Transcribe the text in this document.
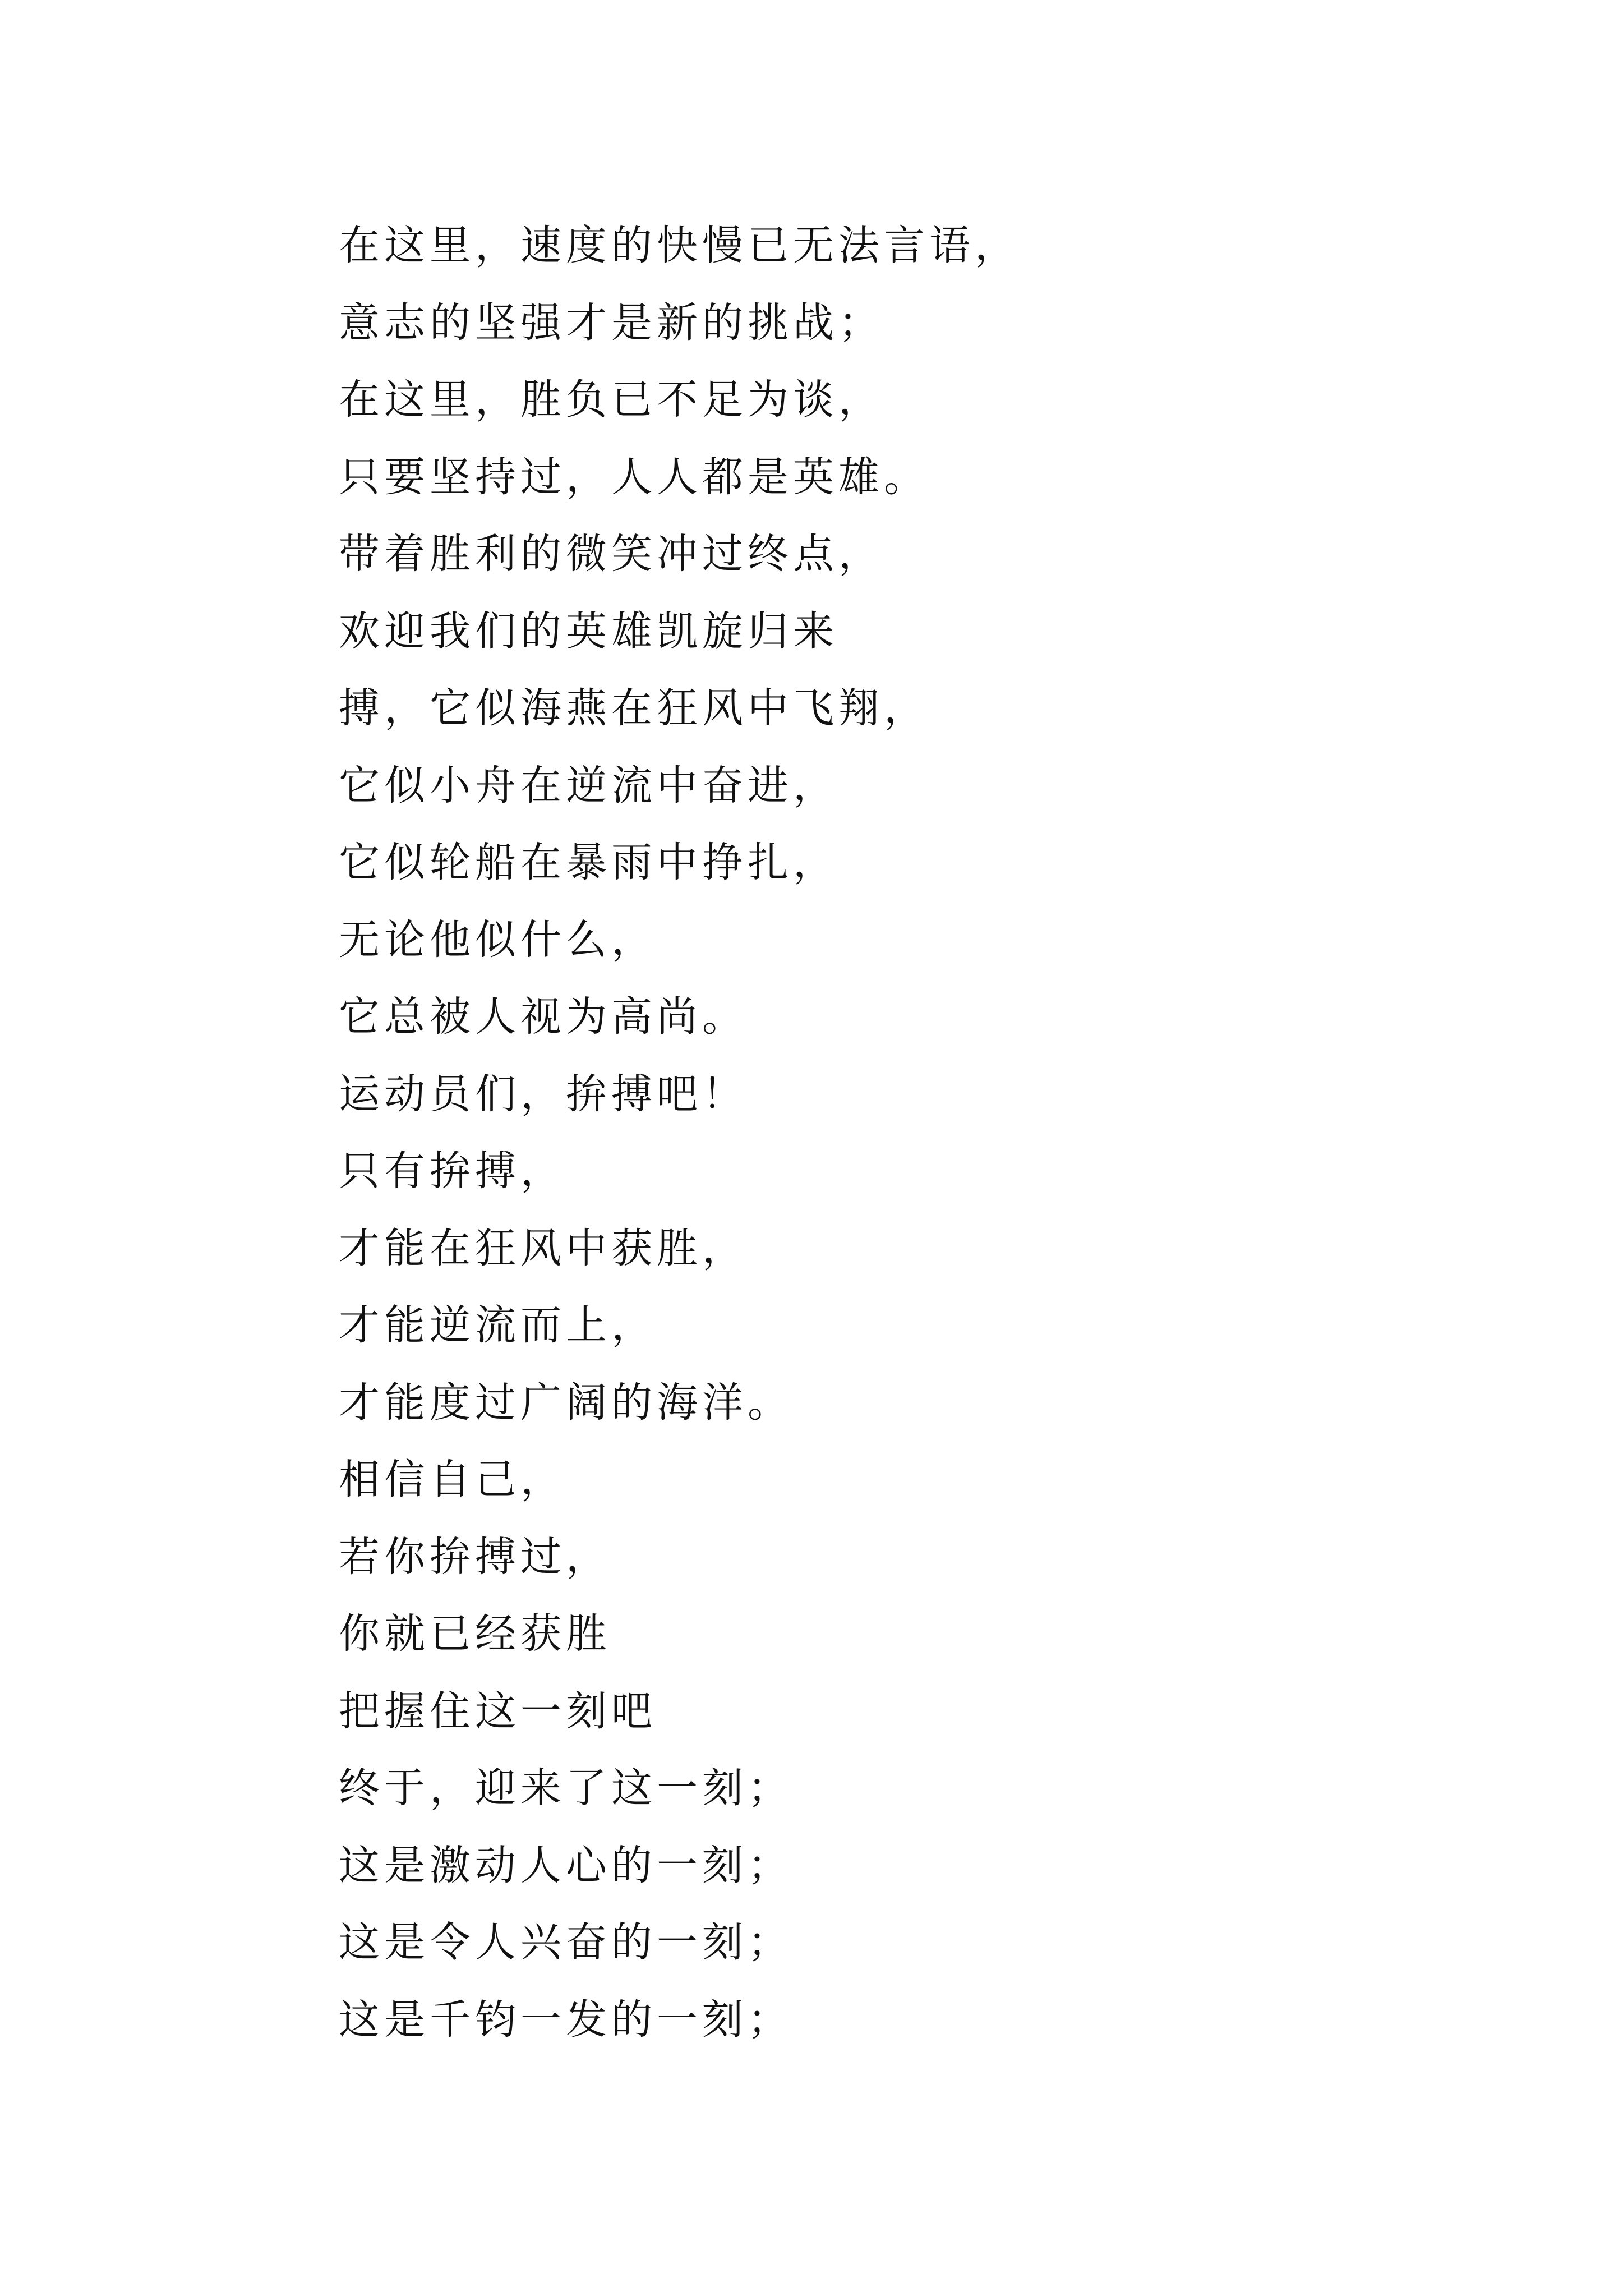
在这里，速度的快慢已无法言语，
意志的坚强才是新的挑战；
在这里，胜负已不足为谈，
只要坚持过，人人都是英雄。
带着胜利的微笑冲过终点，
欢迎我们的英雄凯旋归来
搏，它似海燕在狂风中飞翔，
它似小舟在逆流中奋进，
它似轮船在暴雨中挣扎，
无论他似什么，
它总被人视为高尚。
运动员们，拚搏吧！
只有拚搏，
才能在狂风中获胜，
才能逆流而上，
才能度过广阔的海洋。
相信自己，
若你拚搏过，
你就已经获胜
把握住这一刻吧
终于，迎来了这一刻；
这是激动人心的一刻；
这是令人兴奋的一刻；
这是千钧一发的一刻；
